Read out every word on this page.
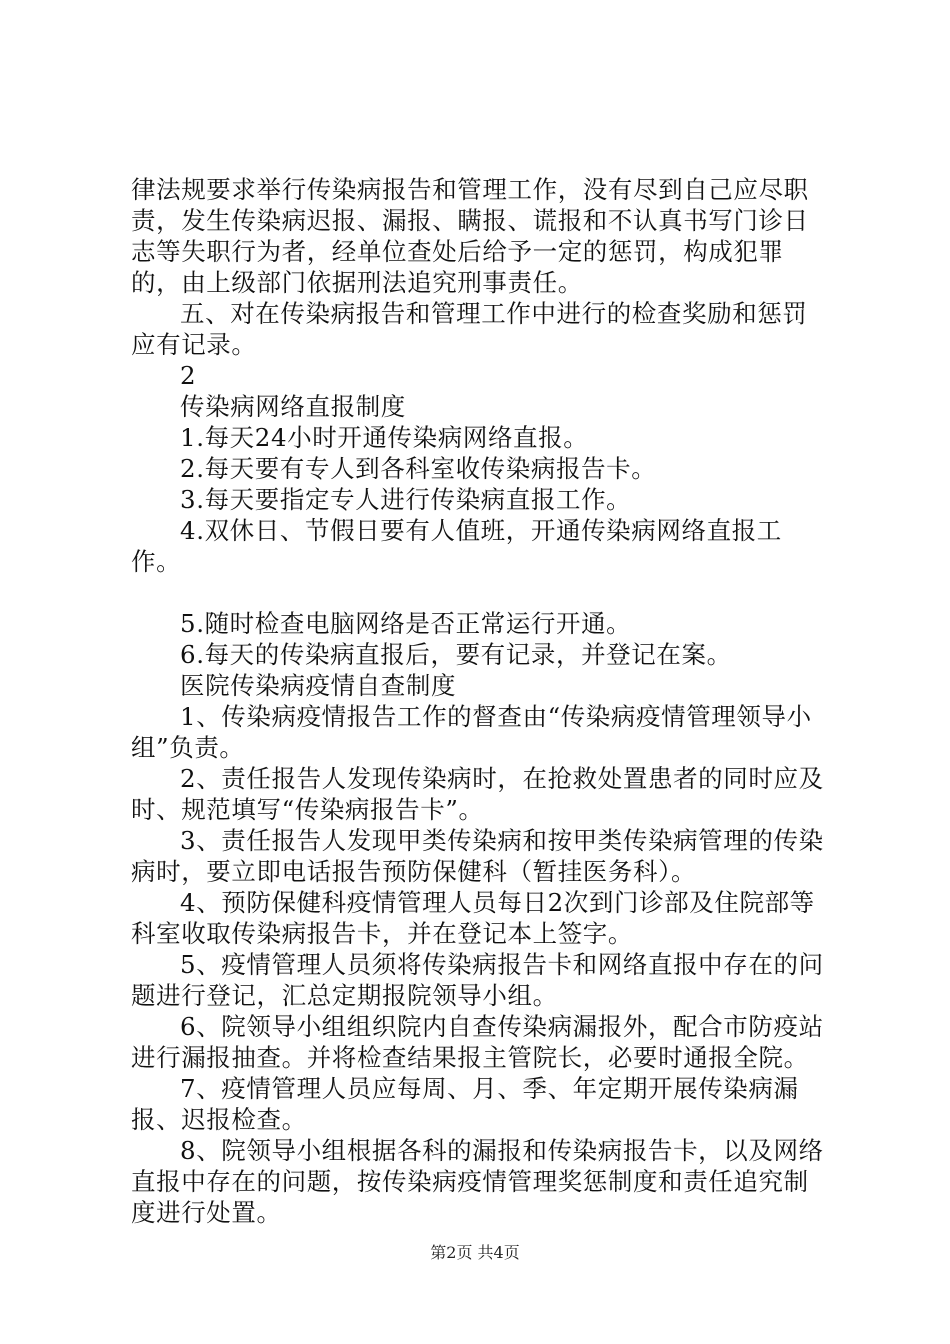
律法规要求举行传染病报告和管理工作，没有尽到自己应尽职责，发生传染病迟报、漏报、瞒报、谎报和不认真书写门诊日志等失职行为者，经单位查处后给予一定的惩罚，构成犯罪的，由上级部门依据刑法追究刑事责任。

五、对在传染病报告和管理工作中进行的检查奖励和惩罚应有记录。

2

传染病网络直报制度

1.每天24小时开通传染病网络直报。

2.每天要有专人到各科室收传染病报告卡。

3.每天要指定专人进行传染病直报工作。

4.双休日、节假日要有人值班，开通传染病网络直报工作。

5.随时检查电脑网络是否正常运行开通。

6.每天的传染病直报后，要有记录，并登记在案。

医院传染病疫情自查制度

1、传染病疫情报告工作的督查由“传染病疫情管理领导小组”负责。

2、责任报告人发现传染病时，在抢救处置患者的同时应及时、规范填写“传染病报告卡”。

3、责任报告人发现甲类传染病和按甲类传染病管理的传染病时，要立即电话报告预防保健科（暂挂医务科）。

4、预防保健科疫情管理人员每日2次到门诊部及住院部等科室收取传染病报告卡，并在登记本上签字。

5、疫情管理人员须将传染病报告卡和网络直报中存在的问题进行登记，汇总定期报院领导小组。

6、院领导小组组织院内自查传染病漏报外，配合市防疫站进行漏报抽查。并将检查结果报主管院长，必要时通报全院。

7、疫情管理人员应每周、月、季、年定期开展传染病漏报、迟报检查。

8、院领导小组根据各科的漏报和传染病报告卡，以及网络直报中存在的问题，按传染病疫情管理奖惩制度和责任追究制度进行处置。

第2页 共4页
